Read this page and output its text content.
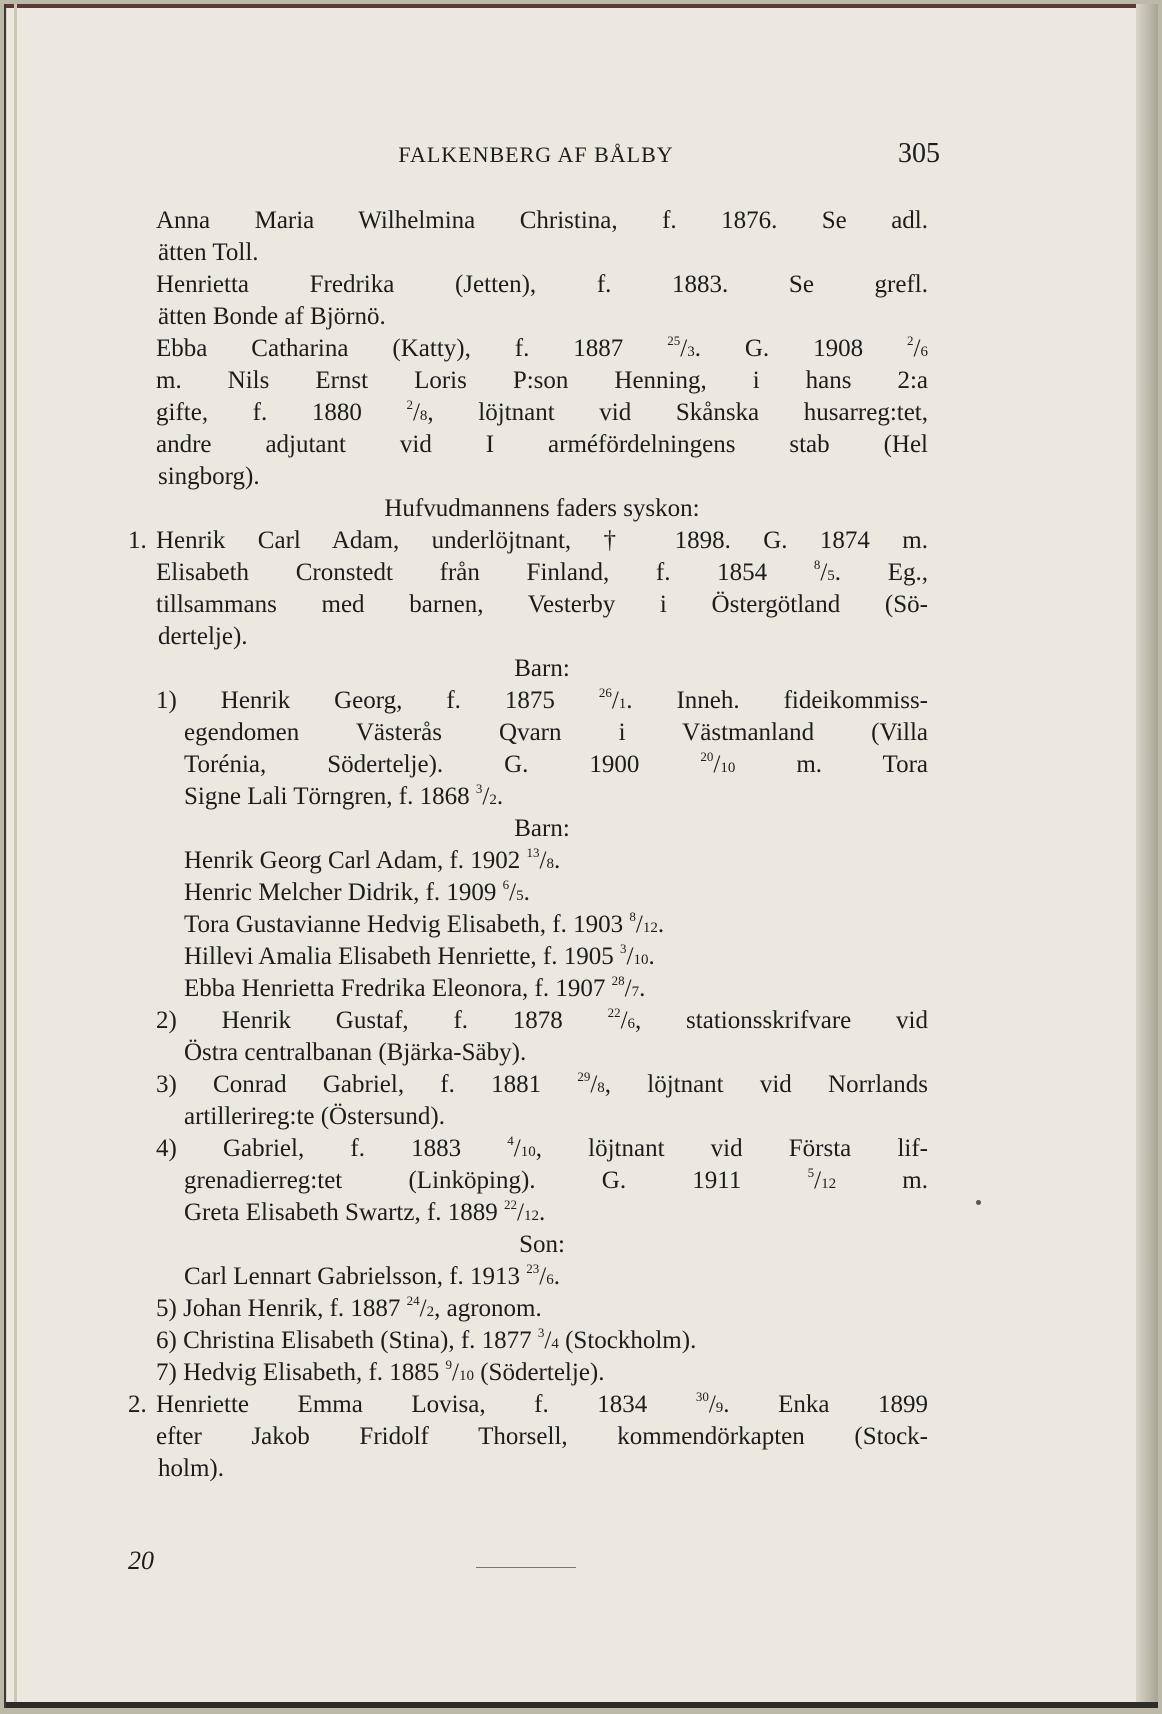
FALKENBERG AF BÅLBY	305
Anna Maria Wilhelmina Christina, f. 1876. Se adl.
ätten Toll.
Henrietta Fredrika (Jetten), f. 1883. Se grefl.
ätten Bonde af Björnö.
Ebba Catharina (Katty), f. 1887 $^{25}$/3. G. 1908 $^2$/6
m. Nils Ernst Loris P:son Henning, i hans 2:a
gifte, f. 1880 $^2$/8, löjtnant vid Skånska husarreg:tet,
andre adjutant vid I arméfördelningens stab (Hel
singborg).
Hufvudmannens faders syskon:
1. Henrik Carl Adam, underlöjtnant, † 1898. G. 1874 m.
Elisabeth Cronstedt från Finland, f. 1854 $^8$/5. Eg.,
tillsammans med barnen, Vesterby i Östergötland (Sö-
dertelje).
Barn:
1) Henrik Georg, f. 1875 $^{26}$/1. Inneh. fideikommiss-
egendomen Västerås Qvarn i Västmanland (Villa
Torénia, Södertelje). G. 1900 $^{20}$/10 m. Tora
Signe Lali Törngren, f. 1868 $^3$/2.
Barn:
Henrik Georg Carl Adam, f. 1902 $^{13}$/8.
Henric Melcher Didrik, f. 1909 $^6$/5.
Tora Gustavianne Hedvig Elisabeth, f. 1903 $^8$/12.
Hillevi Amalia Elisabeth Henriette, f. 1905 $^3$/10.
Ebba Henrietta Fredrika Eleonora, f. 1907 $^{28}$/7.
2) Henrik Gustaf, f. 1878 $^{22}$/6, stationsskrifvare vid
Östra centralbanan (Bjärka-Säby).
3) Conrad Gabriel, f. 1881 $^{29}$/8, löjtnant vid Norrlands
artillerireg:te (Östersund).
4) Gabriel, f. 1883 $^4$/10, löjtnant vid Första lif-
grenadierreg:tet (Linköping). G. 1911 $^5$/12 m.
Greta Elisabeth Swartz, f. 1889 $^{22}$/12.
Son:
Carl Lennart Gabrielsson, f. 1913 $^{23}$/6.
5) Johan Henrik, f. 1887 $^{24}$/2, agronom.
6) Christina Elisabeth (Stina), f. 1877 $^3$/4 (Stockholm).
7) Hedvig Elisabeth, f. 1885 $^9$/10 (Södertelje).
2. Henriette Emma Lovisa, f. 1834 $^{30}$/9. Enka 1899
efter Jakob Fridolf Thorsell, kommendörkapten (Stock-
holm).
20
